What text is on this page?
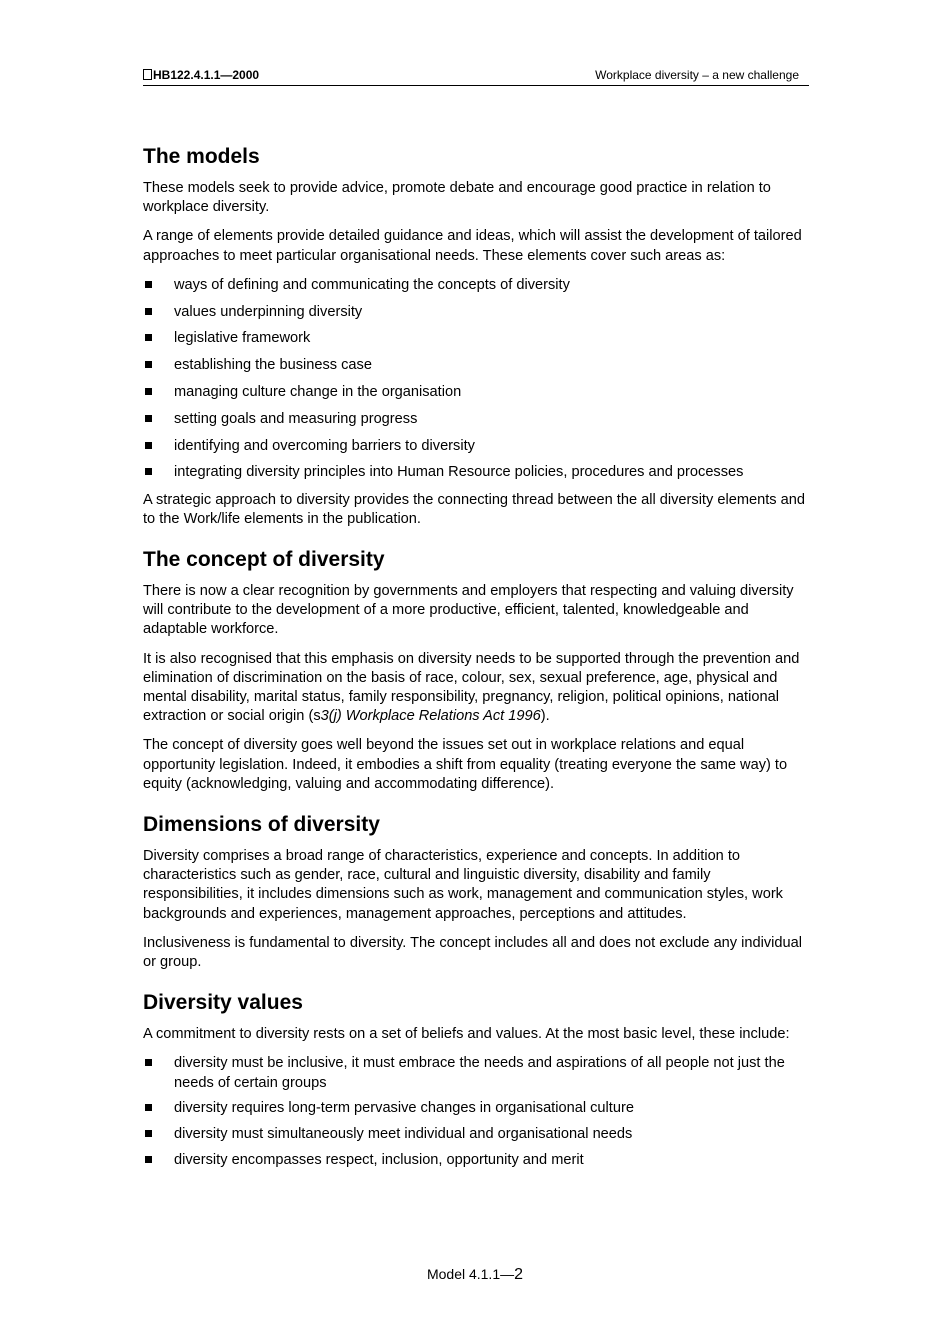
HB122.4.1.1—2000	Workplace diversity – a new challenge
The models

These models seek to provide advice, promote debate and encourage good practice in relation to workplace diversity.

A range of elements provide detailed guidance and ideas, which will assist the development of tailored approaches to meet particular organisational needs. These elements cover such areas as:

ways of defining and communicating the concepts of diversity
values underpinning diversity
legislative framework
establishing the business case
managing culture change in the organisation
setting goals and measuring progress
identifying and overcoming barriers to diversity
integrating diversity principles into Human Resource policies, procedures and processes

A strategic approach to diversity provides the connecting thread between the all diversity elements and to the Work/life elements in the publication.

The concept of diversity

There is now a clear recognition by governments and employers that respecting and valuing diversity will contribute to the development of a more productive, efficient, talented, knowledgeable and adaptable workforce.

It is also recognised that this emphasis on diversity needs to be supported through the prevention and elimination of discrimination on the basis of race, colour, sex, sexual preference, age, physical and mental disability, marital status, family responsibility, pregnancy, religion, political opinions, national extraction or social origin (s3(j) Workplace Relations Act 1996).

The concept of diversity goes well beyond the issues set out in workplace relations and equal opportunity legislation. Indeed, it embodies a shift from equality (treating everyone the same way) to equity (acknowledging, valuing and accommodating difference).

Dimensions of diversity

Diversity comprises a broad range of characteristics, experience and concepts. In addition to characteristics such as gender, race, cultural and linguistic diversity, disability and family responsibilities, it includes dimensions such as work, management and communication styles, work backgrounds and experiences, management approaches, perceptions and attitudes.

Inclusiveness is fundamental to diversity. The concept includes all and does not exclude any individual or group.

Diversity values

A commitment to diversity rests on a set of beliefs and values. At the most basic level, these include:

diversity must be inclusive, it must embrace the needs and aspirations of all people not just the needs of certain groups
diversity requires long-term pervasive changes in organisational culture
diversity must simultaneously meet individual and organisational needs
diversity encompasses respect, inclusion, opportunity and merit
Model 4.1.1—2
